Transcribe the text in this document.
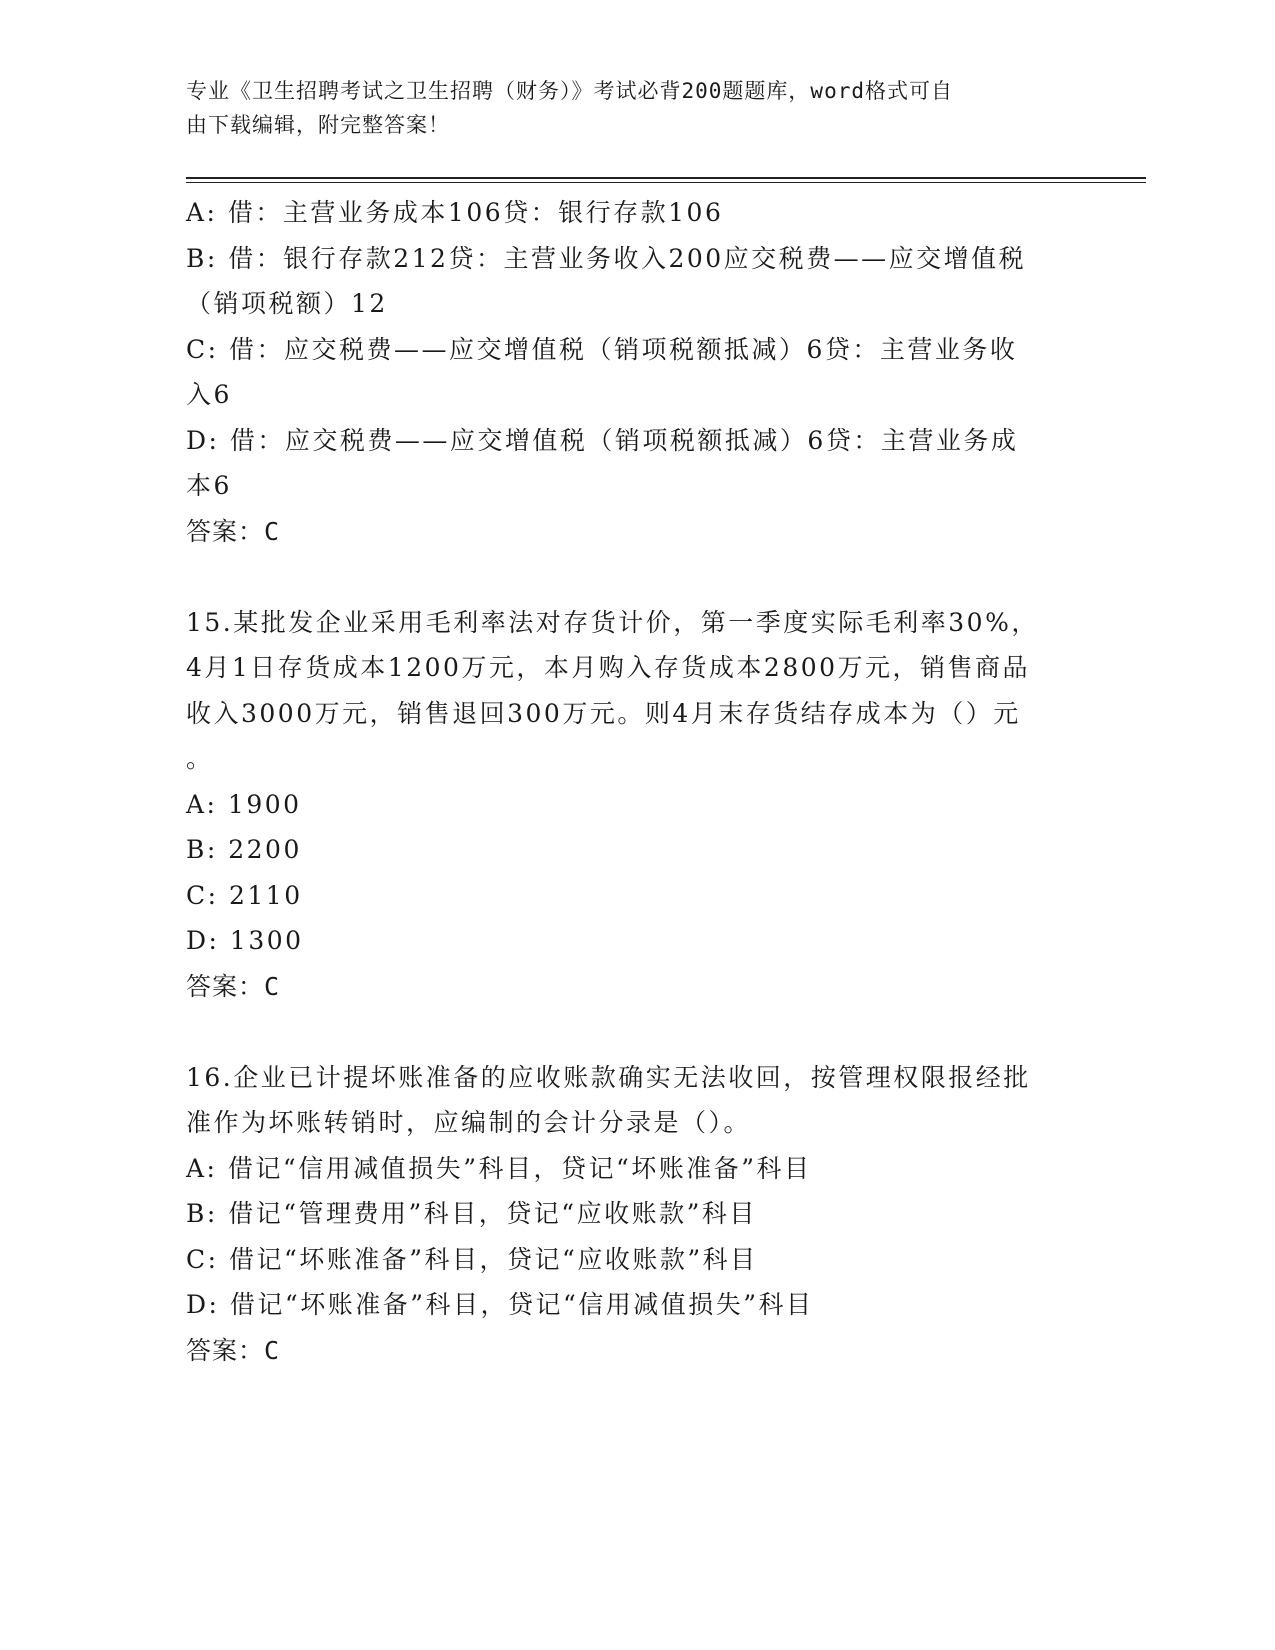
专业《卫生招聘考试之卫生招聘（财务）》考试必背200题题库，word格式可自
由下载编辑，附完整答案！
A: 借：主营业务成本106贷：银行存款106
B: 借：银行存款212贷：主营业务收入200应交税费——应交增值税
（销项税额）12
C: 借：应交税费——应交增值税（销项税额抵减）6贷：主营业务收
入6
D: 借：应交税费——应交增值税（销项税额抵减）6贷：主营业务成
本6
答案：C
15.某批发企业采用毛利率法对存货计价，第一季度实际毛利率30%，
4月1日存货成本1200万元，本月购入存货成本2800万元，销售商品
收入3000万元，销售退回300万元。则4月末存货结存成本为（）元
。
A: 1900
B: 2200
C: 2110
D: 1300
答案：C
16.企业已计提坏账准备的应收账款确实无法收回，按管理权限报经批
准作为坏账转销时，应编制的会计分录是（）。
A: 借记“信用减值损失”科目，贷记“坏账准备”科目
B: 借记“管理费用”科目，贷记“应收账款”科目
C: 借记“坏账准备”科目，贷记“应收账款”科目
D: 借记“坏账准备”科目，贷记“信用减值损失”科目
答案：C
